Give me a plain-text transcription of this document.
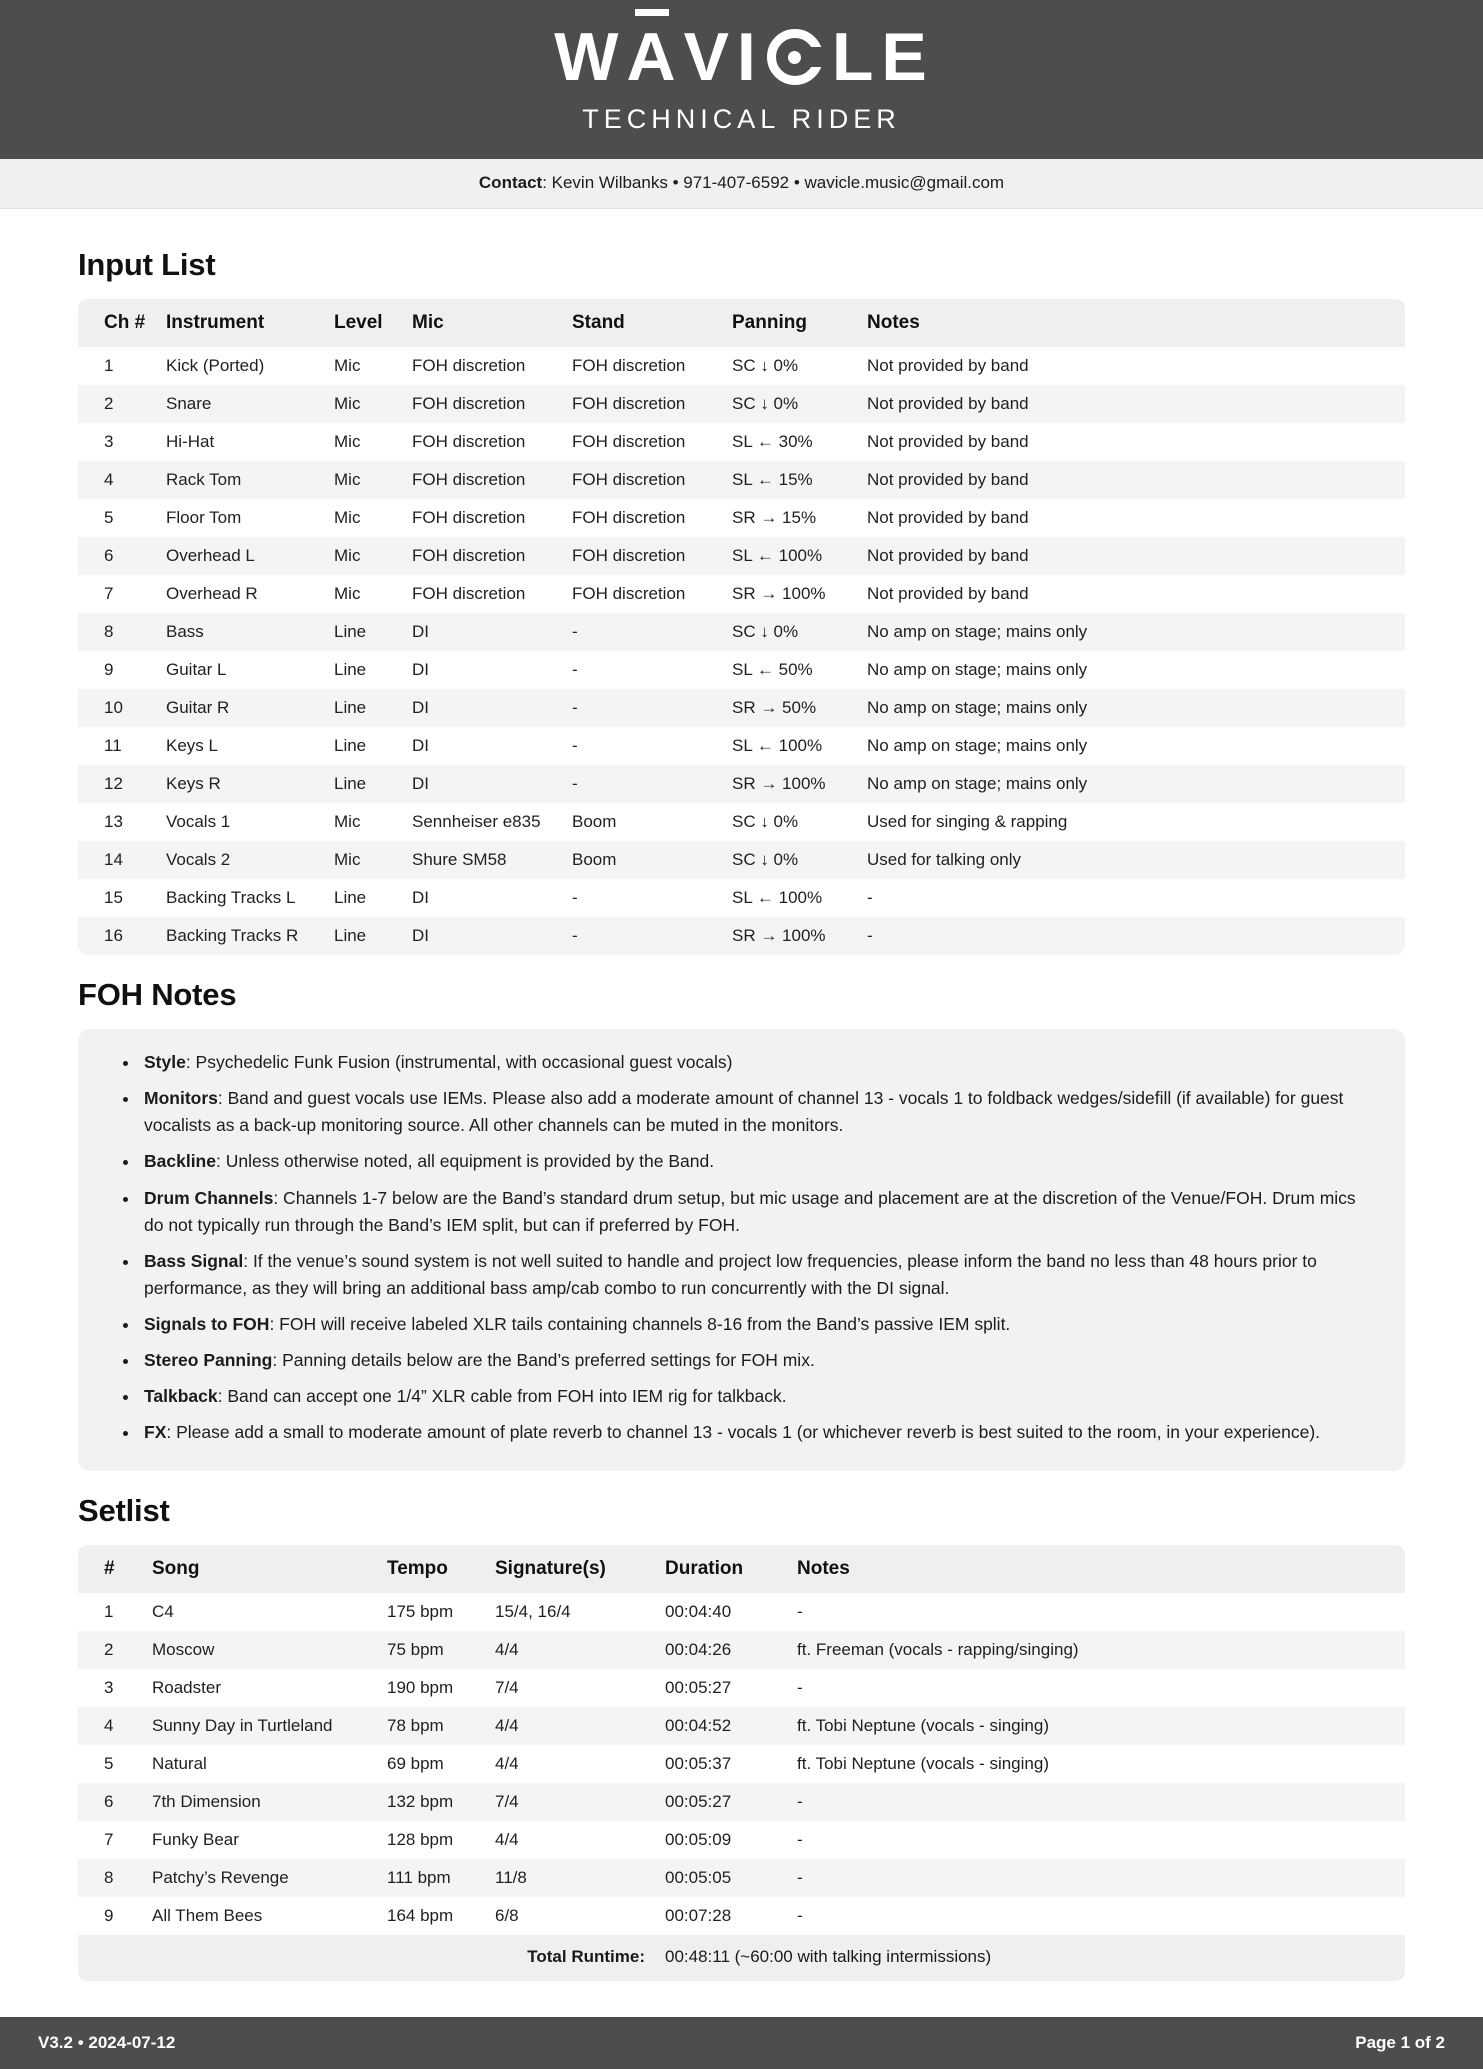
W A V I L E
TECHNICAL RIDER
Contact: Kevin Wilbanks • 971-407-6592 • wavicle.music@gmail.com
Input List
Ch #	Instrument	Level	Mic	Stand	Panning	Notes
1	Kick (Ported)	Mic	FOH discretion	FOH discretion	SC ↓ 0%	Not provided by band
2	Snare	Mic	FOH discretion	FOH discretion	SC ↓ 0%	Not provided by band
3	Hi-Hat	Mic	FOH discretion	FOH discretion	SL ← 30%	Not provided by band
4	Rack Tom	Mic	FOH discretion	FOH discretion	SL ← 15%	Not provided by band
5	Floor Tom	Mic	FOH discretion	FOH discretion	SR → 15%	Not provided by band
6	Overhead L	Mic	FOH discretion	FOH discretion	SL ← 100%	Not provided by band
7	Overhead R	Mic	FOH discretion	FOH discretion	SR → 100%	Not provided by band
8	Bass	Line	DI	-	SC ↓ 0%	No amp on stage; mains only
9	Guitar L	Line	DI	-	SL ← 50%	No amp on stage; mains only
10	Guitar R	Line	DI	-	SR → 50%	No amp on stage; mains only
11	Keys L	Line	DI	-	SL ← 100%	No amp on stage; mains only
12	Keys R	Line	DI	-	SR → 100%	No amp on stage; mains only
13	Vocals 1	Mic	Sennheiser e835	Boom	SC ↓ 0%	Used for singing & rapping
14	Vocals 2	Mic	Shure SM58	Boom	SC ↓ 0%	Used for talking only
15	Backing Tracks L	Line	DI	-	SL ← 100%	-
16	Backing Tracks R	Line	DI	-	SR → 100%	-
FOH Notes
• Style: Psychedelic Funk Fusion (instrumental, with occasional guest vocals)
• Monitors: Band and guest vocals use IEMs. Please also add a moderate amount of channel 13 - vocals 1 to foldback wedges/sidefill (if available) for guest vocalists as a back-up monitoring source. All other channels can be muted in the monitors.
• Backline: Unless otherwise noted, all equipment is provided by the Band.
• Drum Channels: Channels 1-7 below are the Band’s standard drum setup, but mic usage and placement are at the discretion of the Venue/FOH. Drum mics do not typically run through the Band’s IEM split, but can if preferred by FOH.
• Bass Signal: If the venue’s sound system is not well suited to handle and project low frequencies, please inform the band no less than 48 hours prior to performance, as they will bring an additional bass amp/cab combo to run concurrently with the DI signal.
• Signals to FOH: FOH will receive labeled XLR tails containing channels 8-16 from the Band’s passive IEM split.
• Stereo Panning: Panning details below are the Band’s preferred settings for FOH mix.
• Talkback: Band can accept one 1/4” XLR cable from FOH into IEM rig for talkback.
• FX: Please add a small to moderate amount of plate reverb to channel 13 - vocals 1 (or whichever reverb is best suited to the room, in your experience).
Setlist
#	Song	Tempo	Signature(s)	Duration	Notes
1	C4	175 bpm	15/4, 16/4	00:04:40	-
2	Moscow	75 bpm	4/4	00:04:26	ft. Freeman (vocals - rapping/singing)
3	Roadster	190 bpm	7/4	00:05:27	-
4	Sunny Day in Turtleland	78 bpm	4/4	00:04:52	ft. Tobi Neptune (vocals - singing)
5	Natural	69 bpm	4/4	00:05:37	ft. Tobi Neptune (vocals - singing)
6	7th Dimension	132 bpm	7/4	00:05:27	-
7	Funky Bear	128 bpm	4/4	00:05:09	-
8	Patchy’s Revenge	111 bpm	11/8	00:05:05	-
9	All Them Bees	164 bpm	6/8	00:07:28	-
Total Runtime:				00:48:11 (~60:00 with talking intermissions)	
V3.2 • 2024-07-12	Page 1 of 2
